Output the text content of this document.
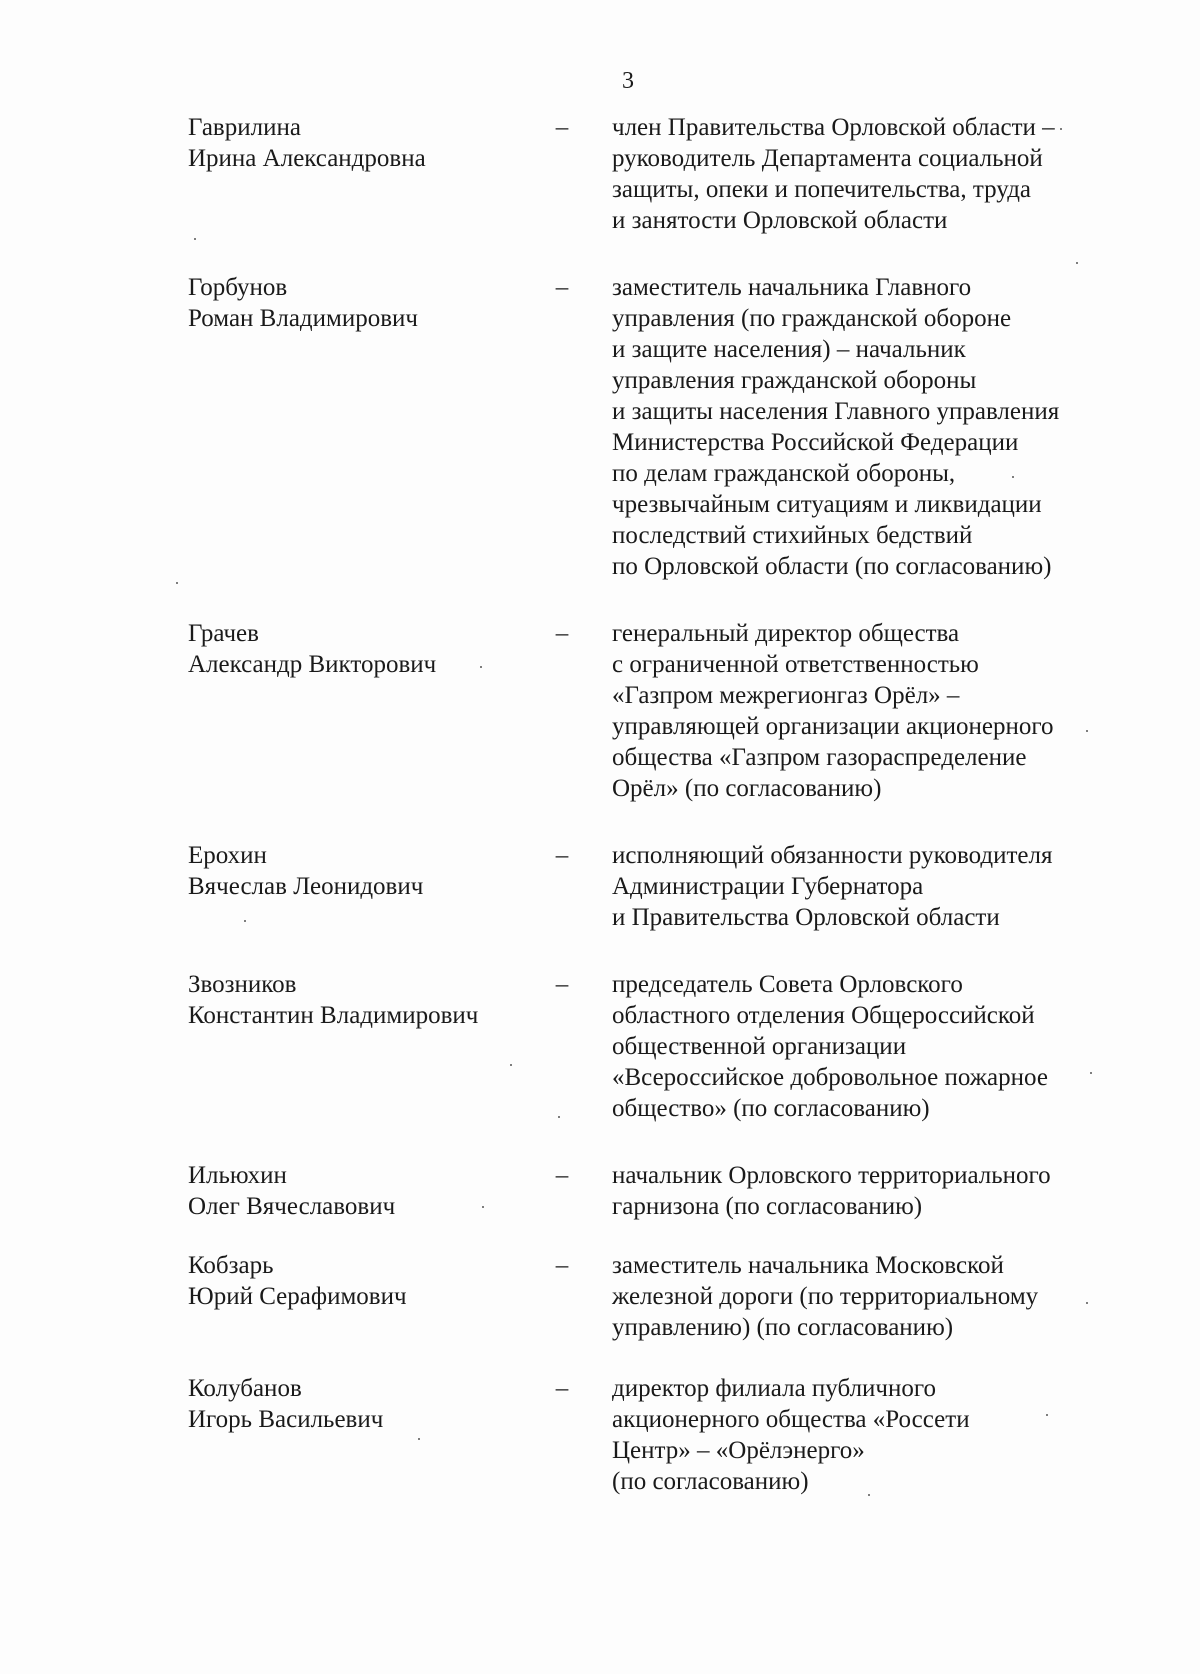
3
Гаврилина
Ирина Александровна
–	член Правительства Орловской области –
руководитель Департамента социальной
защиты, опеки и попечительства, труда
и занятости Орловской области
Горбунов
Роман Владимирович
–	заместитель начальника Главного
управления (по гражданской обороне
и защите населения) – начальник
управления гражданской обороны
и защиты населения Главного управления
Министерства Российской Федерации
по делам гражданской обороны,
чрезвычайным ситуациям и ликвидации
последствий стихийных бедствий
по Орловской области (по согласованию)
Грачев
Александр Викторович
–	генеральный директор общества
с ограниченной ответственностью
«Газпром межрегионгаз Орёл» –
управляющей организации акционерного
общества «Газпром газораспределение
Орёл» (по согласованию)
Ерохин
Вячеслав Леонидович
–	исполняющий обязанности руководителя
Администрации Губернатора
и Правительства Орловской области
Звозников
Константин Владимирович
–	председатель Совета Орловского
областного отделения Общероссийской
общественной организации
«Всероссийское добровольное пожарное
общество» (по согласованию)
Ильюхин
Олег Вячеславович
–	начальник Орловского территориального
гарнизона (по согласованию)
Кобзарь
Юрий Серафимович
–	заместитель начальника Московской
железной дороги (по территориальному
управлению) (по согласованию)
Колубанов
Игорь Васильевич
–	директор филиала публичного
акционерного общества «Россети
Центр» – «Орёлэнерго»
(по согласованию)
